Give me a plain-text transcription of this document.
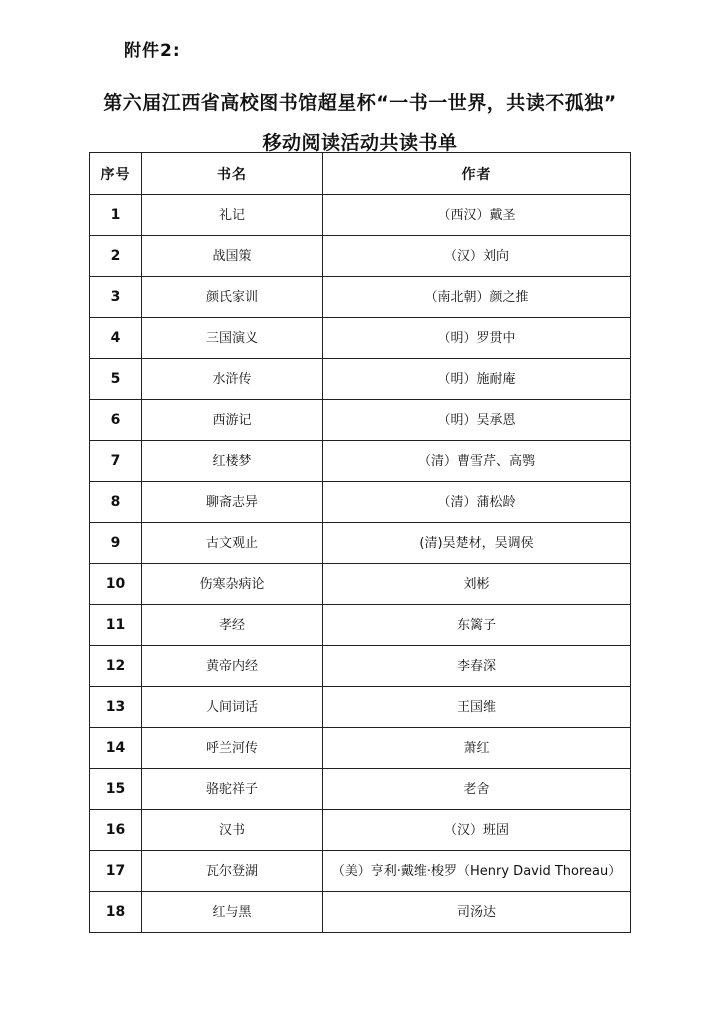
附件2:
第六届江西省高校图书馆超星杯“一书一世界，共读不孤独”
移动阅读活动共读书单
序号	书名	作者
1	礼记	（西汉）戴圣
2	战国策	（汉）刘向
3	颜氏家训	（南北朝）颜之推
4	三国演义	（明）罗贯中
5	水浒传	（明）施耐庵
6	西游记	（明）吴承恩
7	红楼梦	（清）曹雪芹、高鹗
8	聊斋志异	（清）蒲松龄
9	古文观止	(清)吴楚材，吴调侯
10	伤寒杂病论	刘彬
11	孝经	东篱子
12	黄帝内经	李春深
13	人间词话	王国维
14	呼兰河传	萧红
15	骆驼祥子	老舍
16	汉书	（汉）班固
17	瓦尔登湖	（美）亨利·戴维·梭罗（Henry David Thoreau）
18	红与黑	司汤达
